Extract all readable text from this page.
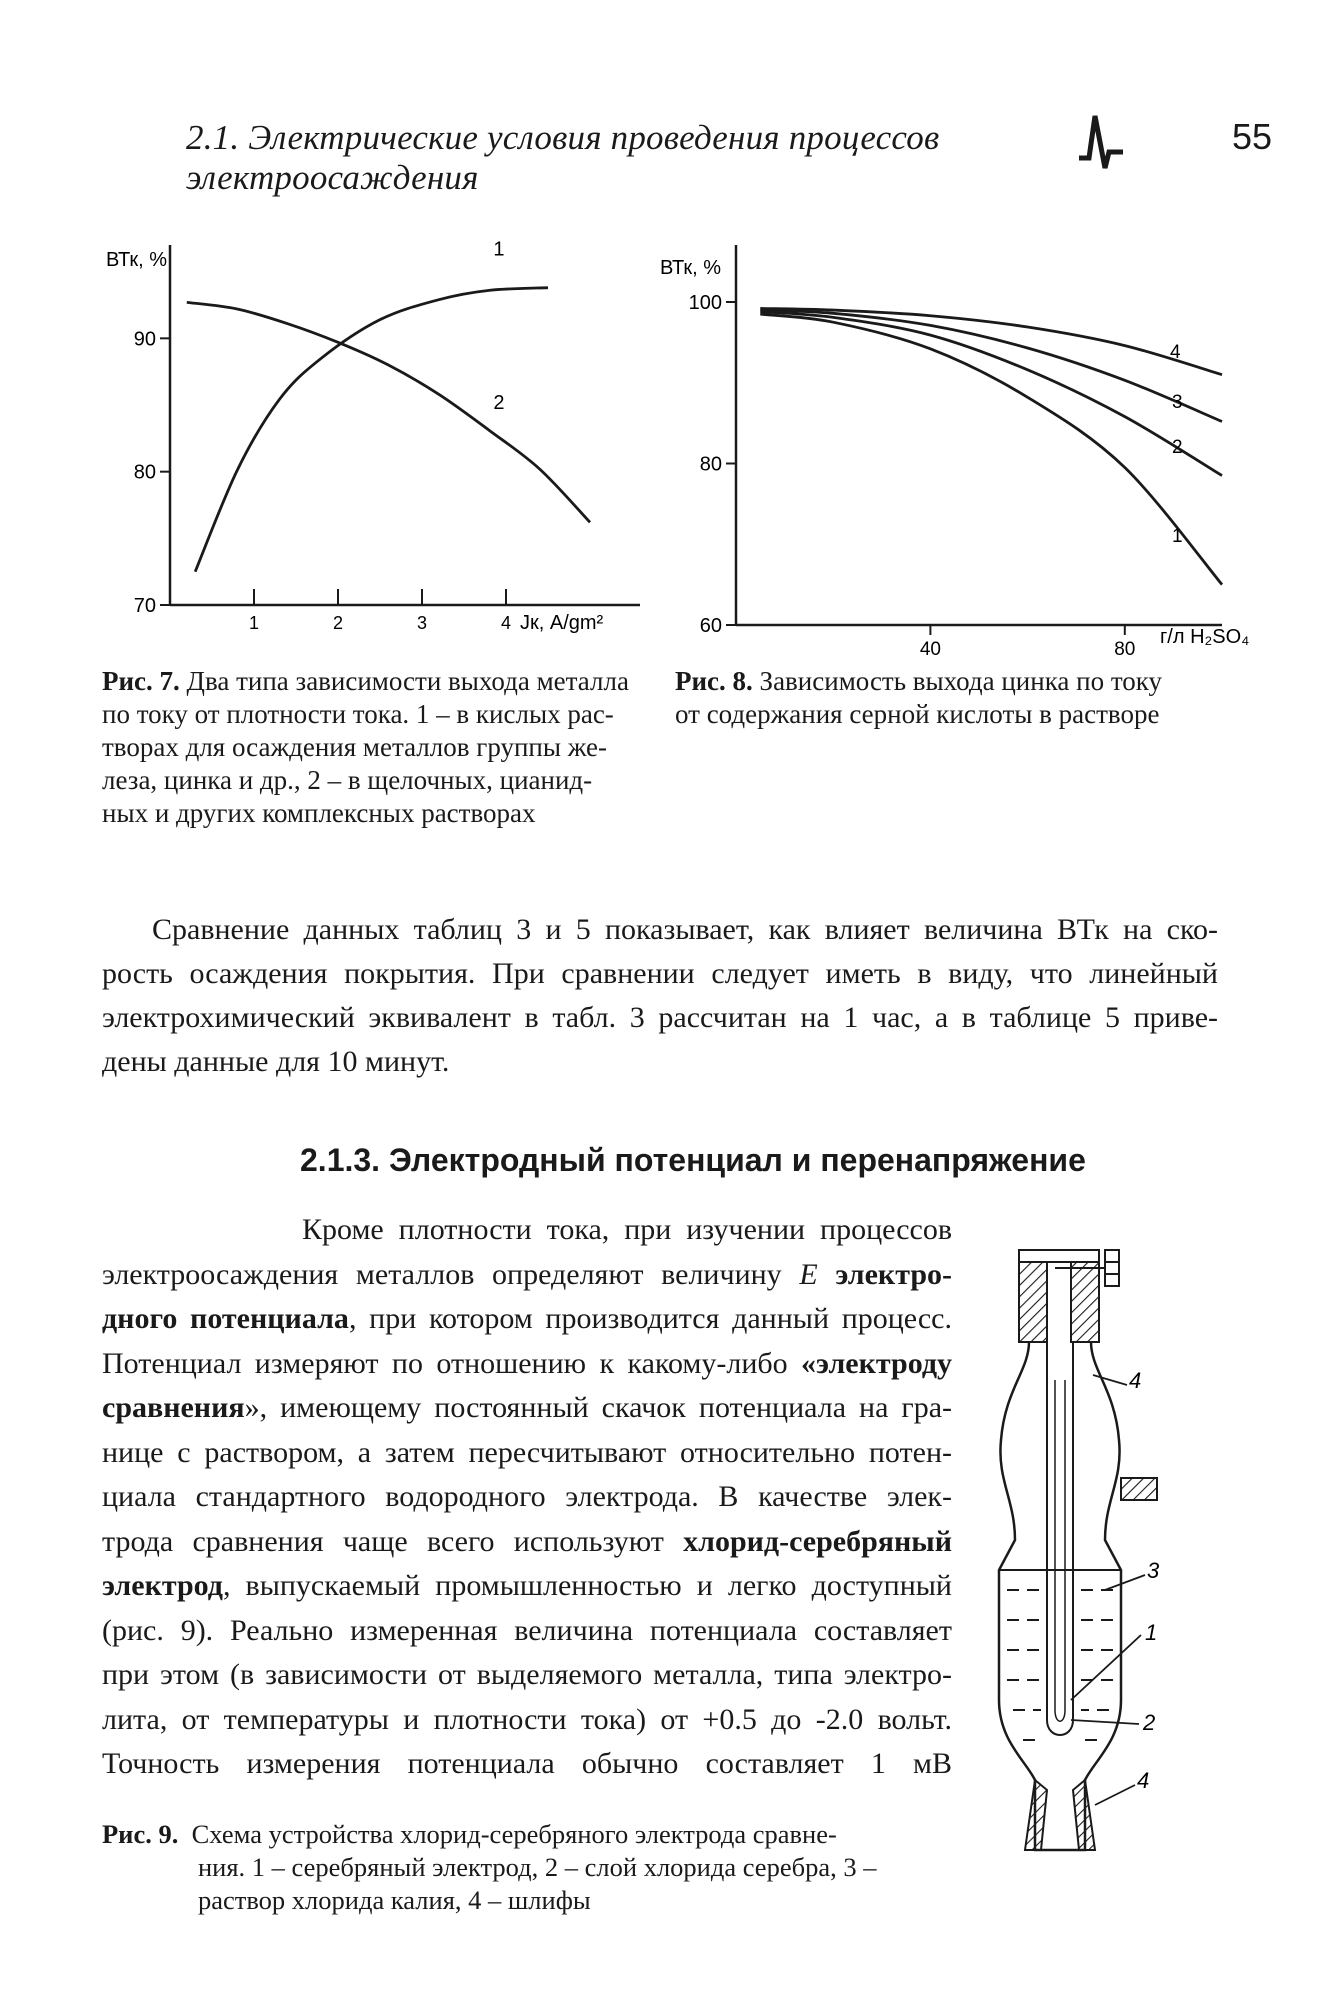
2.1. Электрические условия проведения процессов электроосаждения
55
70
80
90
1	2	3	4
ВТк, %
Jк, A/gm²
1
2
60
80
100
40	80
ВТк, %
г/л H₂SO₄
4
3
2
1
Рис. 7. Два типа зависимости выхода металла
по току от плотности тока. 1 – в кислых рас-
творах для осаждения металлов группы же-
леза, цинка и др., 2 – в щелочных, цианид-
ных и других комплексных растворах
Рис. 8. Зависимость выхода цинка по току
от содержания серной кислоты в растворе
Сравнение данных таблиц 3 и 5 показывает, как влияет величина ВТк на ско-
рость осаждения покрытия. При сравнении следует иметь в виду, что линейный
электрохимический эквивалент в табл. 3 рассчитан на 1 час, а в таблице 5 приве-
дены данные для 10 минут.
2.1.3. Электродный потенциал и перенапряжение
Кроме плотности тока, при изучении процессов
электроосаждения металлов определяют величину E электро-
дного потенциала, при котором производится данный процесс.
Потенциал измеряют по отношению к какому-либо «электроду
сравнения», имеющему постоянный скачок потенциала на гра-
нице с раствором, а затем пересчитывают относительно потен-
циала стандартного водородного электрода. В качестве элек-
трода сравнения чаще всего используют хлорид-серебряный
электрод, выпускаемый промышленностью и легко доступный
(рис. 9). Реально измеренная величина потенциала составляет
при этом (в зависимости от выделяемого металла, типа электро-
лита, от температуры и плотности тока) от +0.5 до -2.0 вольт.
Точность измерения потенциала обычно составляет 1 мВ
4
3
1
2
4
Рис. 9. Схема устройства хлорид-серебряного электрода сравне-
ния. 1 – серебряный электрод, 2 – слой хлорида серебра, 3 –
раствор хлорида калия, 4 – шлифы
